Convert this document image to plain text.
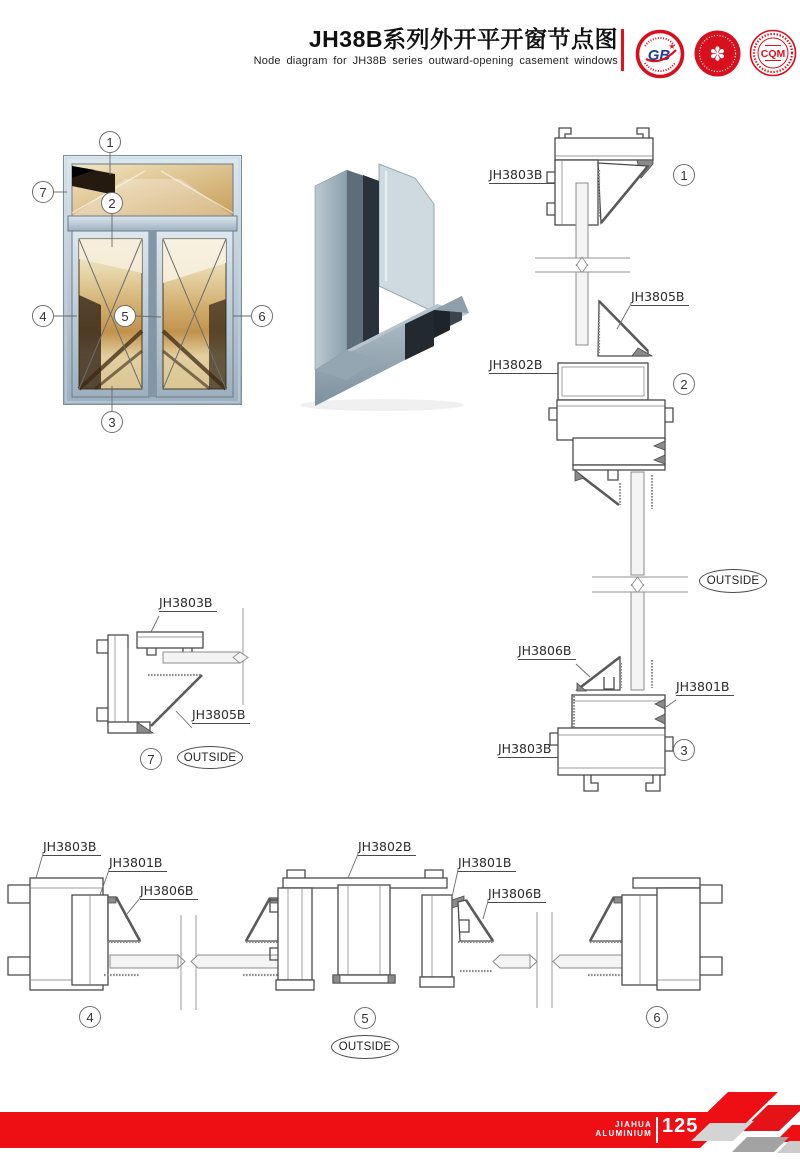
JH38B系列外开平开窗节点图
Node diagram for JH38B series outward-opening casement windows GB
★ ✽	CQM
1
7
2
4	5	6
3
JH3803B	1
JH3805B
JH3802B
2
OUTSIDE
JH3806B
JH3801B
JH3803B	3
JH3803B
JH3805B
7	OUTSIDE
JH3803B
JH3801B
JH3806B
JH3802B
JH3801B
JH3806B
4	5	6
OUTSIDE
JIAHUA
ALUMINIUM 125
